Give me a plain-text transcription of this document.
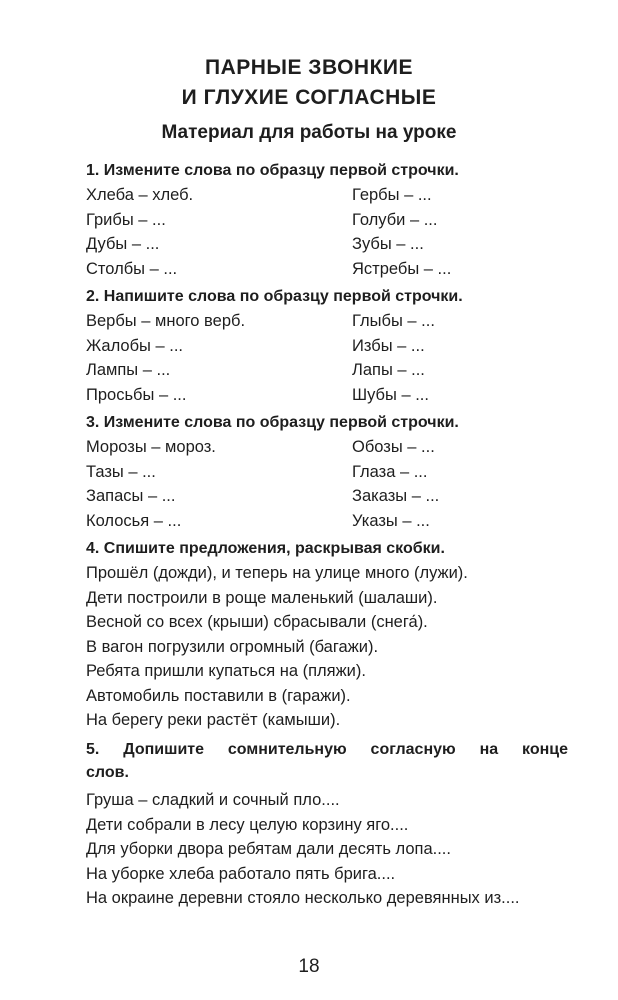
ПАРНЫЕ ЗВОНКИЕ
И ГЛУХИЕ СОГЛАСНЫЕ
Материал для работы на уроке
1. Измените слова по образцу первой строчки.
Хлеба – хлеб.
Грибы – ...
Дубы – ...
Столбы – ...
Гербы – ...
Голуби – ...
Зубы – ...
Ястребы – ...
2. Напишите слова по образцу первой строчки.
Вербы – много верб.
Жалобы – ...
Лампы – ...
Просьбы – ...
Глыбы – ...
Избы – ...
Лапы – ...
Шубы – ...
3. Измените слова по образцу первой строчки.
Морозы – мороз.
Тазы – ...
Запасы – ...
Колосья – ...
Обозы – ...
Глаза – ...
Заказы – ...
Указы – ...
4. Спишите предложения, раскрывая скобки.
Прошёл (дожди), и теперь на улице много (лужи).
Дети построили в роще маленький (шалаши).
Весной со всех (крыши) сбрасывали (снега́).
В вагон погрузили огромный (багажи).
Ребята пришли купаться на (пляжи).
Автомобиль поставили в (гаражи).
На берегу реки растёт (камыши).
5. Допишите сомнительную согласную на конце
слов.
Груша – сладкий и сочный пло....
Дети собрали в лесу целую корзину яго....
Для уборки двора ребятам дали десять лопа....
На уборке хлеба работало пять брига....
На окраине деревни стояло несколько деревянных из....
18
